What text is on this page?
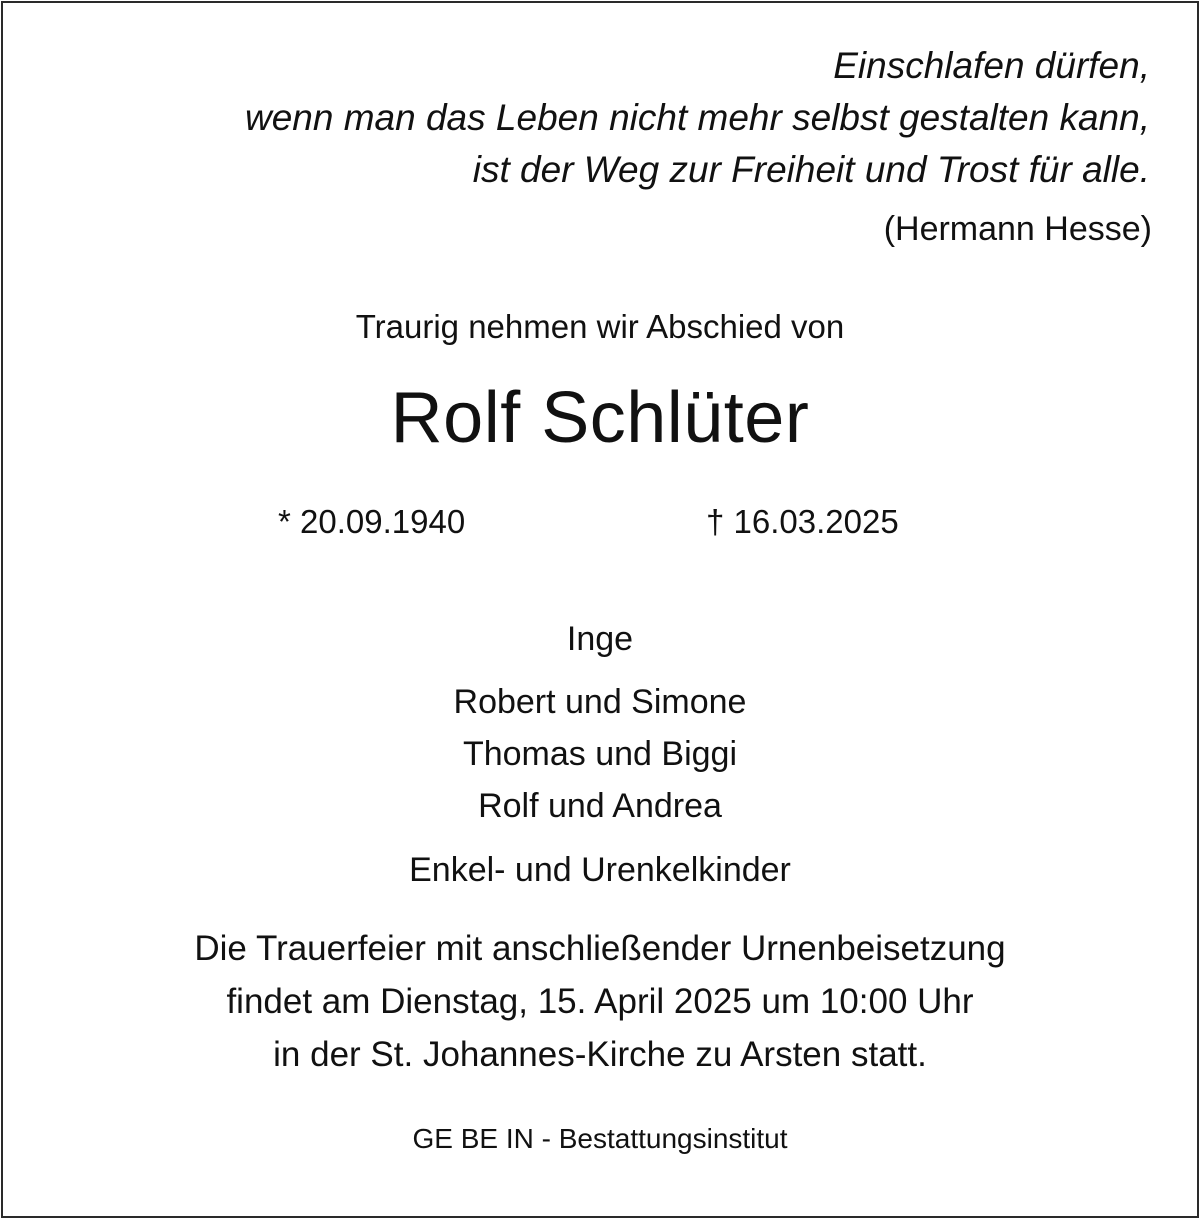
Einschlafen dürfen,
wenn man das Leben nicht mehr selbst gestalten kann,
ist der Weg zur Freiheit und Trost für alle.
(Hermann Hesse)
Traurig nehmen wir Abschied von
Rolf Schlüter
* 20.09.1940	† 16.03.2025
Inge
Robert und Simone
Thomas und Biggi
Rolf und Andrea
Enkel- und Urenkelkinder
Die Trauerfeier mit anschließender Urnenbeisetzung
findet am Dienstag, 15. April 2025 um 10:00 Uhr
in der St. Johannes-Kirche zu Arsten statt.
GE BE IN - Bestattungsinstitut
